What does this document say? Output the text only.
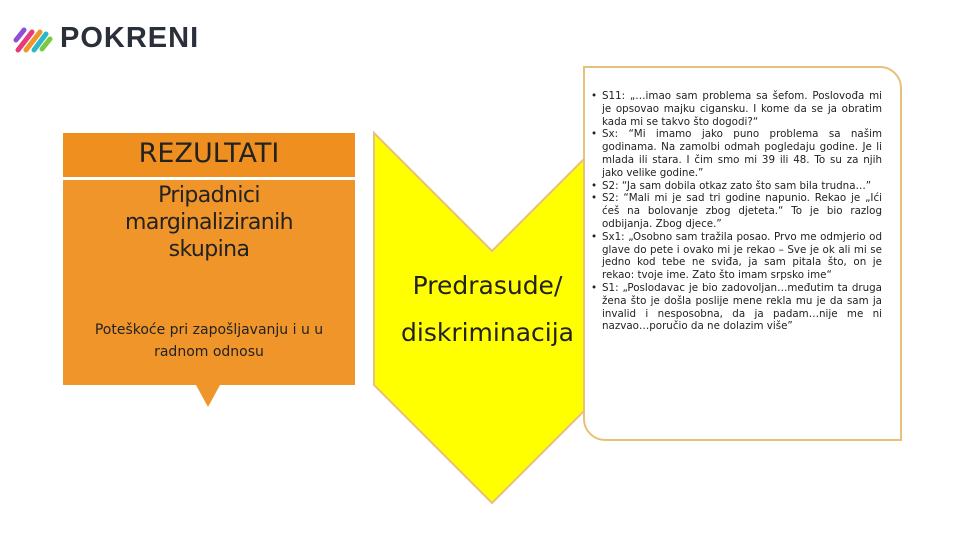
POKRENI
REZULTATI
Pripadnici marginaliziranih skupina
Poteškoće pri zapošljavanju i u u radnom odnosu
Predrasude/
diskriminacija
• S11: „…imao sam problema sa šefom. Poslovođa mi je opsovao majku cigansku. I kome da se ja obratim kada mi se takvo što dogodi?“
• Sx: “Mi imamo jako puno problema sa našim godinama. Na zamolbi odmah pogledaju godine. Je li mlada ili stara. I čim smo mi 39 ili 48. To su za njih jako velike godine.”
• S2: “Ja sam dobila otkaz zato što sam bila trudna…”
• S2: “Mali mi je sad tri godine napunio. Rekao je „Ići ćeš na bolovanje zbog djeteta.“ To je bio razlog odbijanja. Zbog djece.”
• Sx1: „Osobno sam tražila posao. Prvo me odmjerio od glave do pete i ovako mi je rekao – Sve je ok ali mi se jedno kod tebe ne sviđa, ja sam pitala što, on je rekao: tvoje ime. Zato što imam srpsko ime“
• S1: „Poslodavac je bio zadovoljan…međutim ta druga žena što je došla poslije mene rekla mu je da sam ja invalid i nesposobna, da ja padam…nije me ni nazvao…poručio da ne dolazim više”
